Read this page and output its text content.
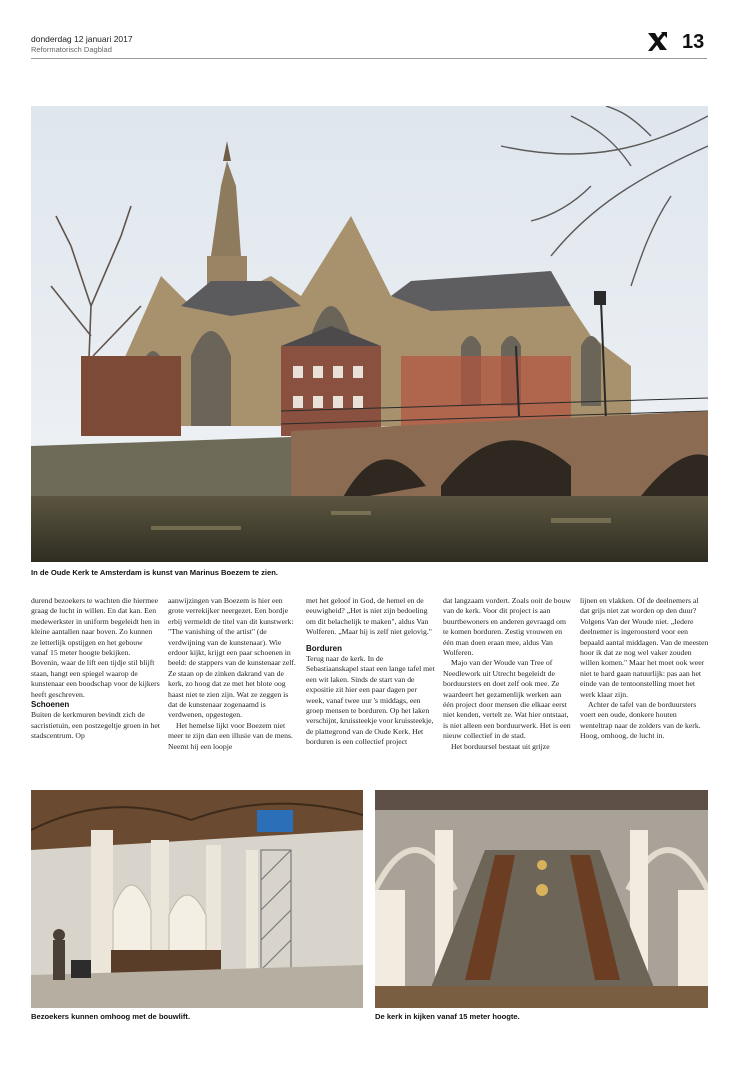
donderdag 12 januari 2017
Reformatorisch Dagblad	13
In de Oude Kerk te Amsterdam is kunst van Marinus Boezem te zien.

durend bezoekers te wachten die hiermee graag de lucht in willen. En dat kan. Een medewerkster in uniform begeleidt hen in kleine aantallen naar boven. Zo kunnen ze letterlijk opstijgen en het gebouw vanaf 15 meter hoogte bekijken. Bovenin, waar de lift een tijdje stil blijft staan, hangt een spiegel waarop de kunstenaar een boodschap voor de kijkers heeft geschreven.

Schoenen

Buiten de kerkmuren bevindt zich de sacristietuin, een postzegeltje groen in het stadscentrum. Op

aanwijzingen van Boezem is hier een grote verrekijker neergezet. Een bordje erbij vermeldt de titel van dit kunstwerk: "The vanishing of the artist" (de verdwijning van de kunstenaar). Wie erdoor kijkt, krijgt een paar schoenen in beeld: de stappers van de kunstenaar zelf. Ze staan op de zinken dakrand van de kerk, zo hoog dat ze met het blote oog haast niet te zien zijn. Wat ze zeggen is dat de kunstenaar zogenaamd is verdwenen, opgestegen.

Het hemelse lijkt voor Boezem niet meer te zijn dan een illusie van de mens. Neemt hij een loopje

met het geloof in God, de hemel en de eeuwigheid? „Het is niet zijn bedoeling om dit belachelijk te maken", aldus Van Wolferen. „Maar hij is zelf niet gelovig."

Borduren

Terug naar de kerk. In de Sebastiaanskapel staat een lange tafel met een wit laken. Sinds de start van de expositie zit hier een paar dagen per week, vanaf twee uur 's middags, een groep mensen te borduren. Op het laken verschijnt, kruissteekje voor kruissteekje, de plattegrond van de Oude Kerk. Het borduren is een collectief project

dat langzaam vordert. Zoals ooit de bouw van de kerk. Voor dit project is aan buurtbewoners en anderen gevraagd om te komen borduren. Zestig vrouwen en één man doen eraan mee, aldus Van Wolferen.

Majo van der Woude van Tree of Needlework uit Utrecht begeleidt de borduursters en doet zelf ook mee. Ze waardeert het gezamenlijk werken aan één project door mensen die elkaar eerst niet kenden, vertelt ze. Wat hier ontstaat, is niet alleen een borduurwerk. Het is een nieuw collectief in de stad.

Het borduursel bestaat uit grijze

lijnen en vlakken. Of de deelnemers al dat grijs niet zat worden op den duur? Volgens Van der Woude niet. „Iedere deelnemer is ingeroosterd voor een bepaald aantal middagen. Van de meesten hoor ik dat ze nog wel vaker zouden willen komen." Maar het moet ook weer niet te hard gaan natuurlijk: pas aan het einde van de tentoonstelling moet het werk klaar zijn.

Achter de tafel van de borduursters voert een oude, donkere houten wenteltrap naar de zolders van de kerk. Hoog, omhoog, de lucht in.

Bezoekers kunnen omhoog met de bouwlift.	De kerk in kijken vanaf 15 meter hoogte.
